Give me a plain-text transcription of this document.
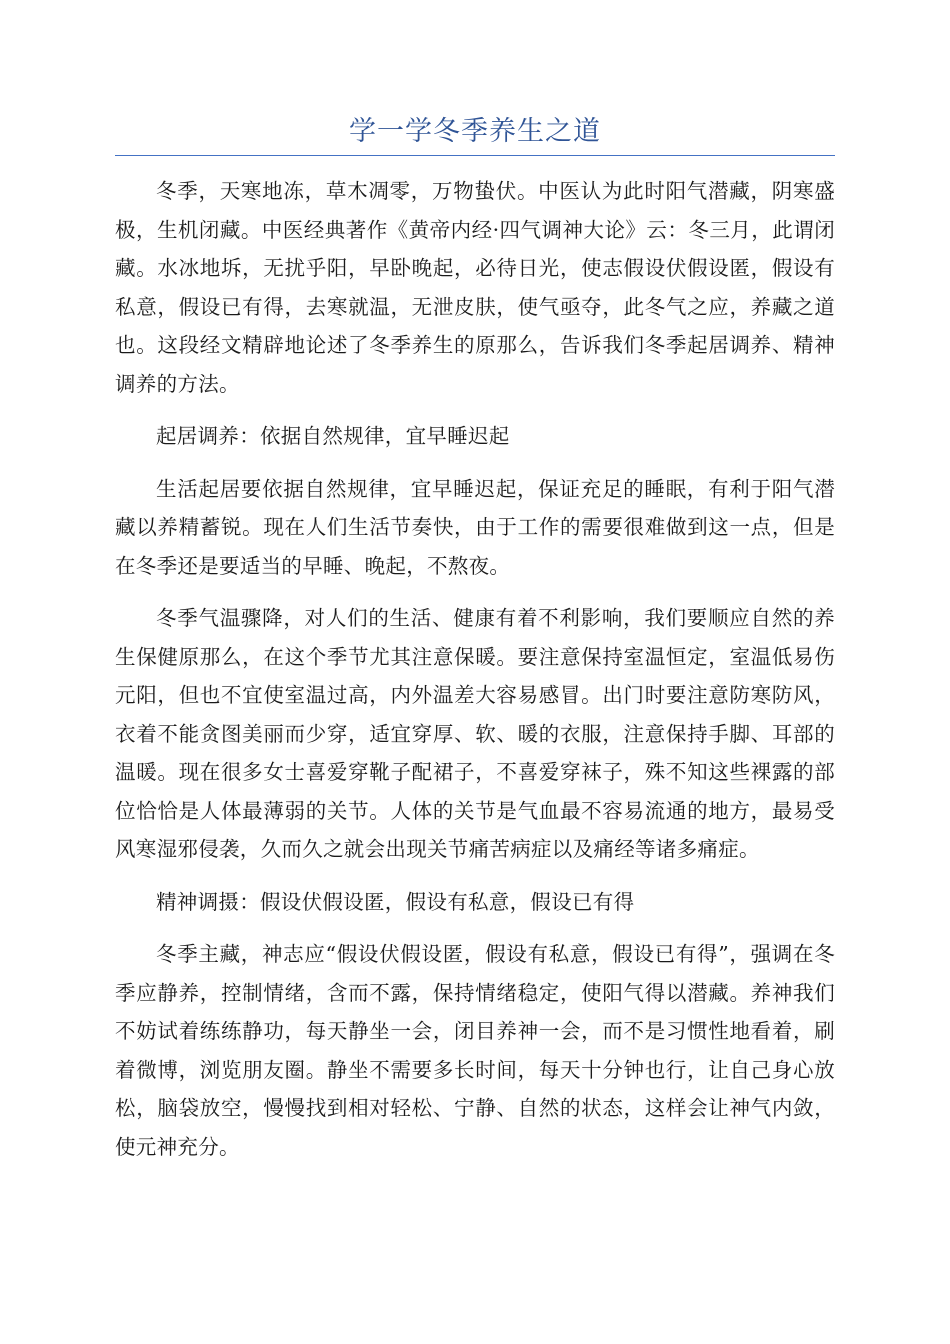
学一学冬季养生之道

冬季，天寒地冻，草木凋零，万物蛰伏。中医认为此时阳气潜藏，阴寒盛极，生机闭藏。中医经典著作《黄帝内经·四气调神大论》云：冬三月，此谓闭藏。水冰地坼，无扰乎阳，早卧晚起，必待日光，使志假设伏假设匿，假设有私意，假设已有得，去寒就温，无泄皮肤，使气亟夺，此冬气之应，养藏之道也。这段经文精辟地论述了冬季养生的原那么，告诉我们冬季起居调养、精神调养的方法。

起居调养：依据自然规律，宜早睡迟起

生活起居要依据自然规律，宜早睡迟起，保证充足的睡眠，有利于阳气潜藏以养精蓄锐。现在人们生活节奏快，由于工作的需要很难做到这一点，但是在冬季还是要适当的早睡、晚起，不熬夜。

冬季气温骤降，对人们的生活、健康有着不利影响，我们要顺应自然的养生保健原那么，在这个季节尤其注意保暖。要注意保持室温恒定，室温低易伤元阳，但也不宜使室温过高，内外温差大容易感冒。出门时要注意防寒防风，衣着不能贪图美丽而少穿，适宜穿厚、软、暖的衣服，注意保持手脚、耳部的温暖。现在很多女士喜爱穿靴子配裙子，不喜爱穿袜子，殊不知这些裸露的部位恰恰是人体最薄弱的关节。人体的关节是气血最不容易流通的地方，最易受风寒湿邪侵袭，久而久之就会出现关节痛苦病症以及痛经等诸多痛症。

精神调摄：假设伏假设匿，假设有私意，假设已有得

冬季主藏，神志应“假设伏假设匿，假设有私意，假设已有得”，强调在冬季应静养，控制情绪，含而不露，保持情绪稳定，使阳气得以潜藏。养神我们不妨试着练练静功，每天静坐一会，闭目养神一会，而不是习惯性地看着，刷着微博，浏览朋友圈。静坐不需要多长时间，每天十分钟也行，让自己身心放松，脑袋放空，慢慢找到相对轻松、宁静、自然的状态，这样会让神气内敛，使元神充分。
